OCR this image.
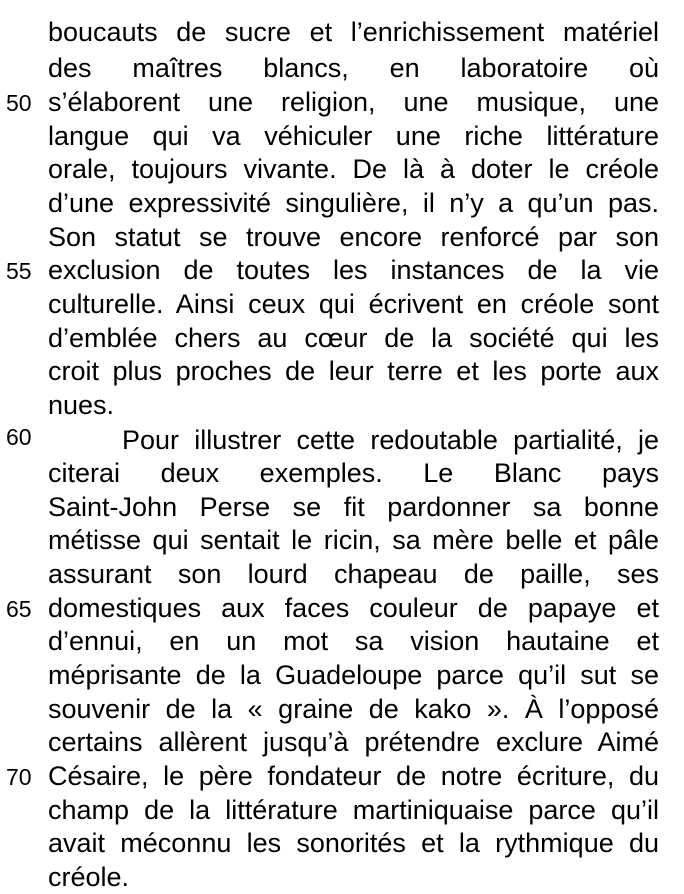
boucauts de sucre et l’enrichissement matériel
des maîtres blancs, en laboratoire où
s’élaborent une religion, une musique, une
langue qui va véhiculer une riche littérature
orale, toujours vivante. De là à doter le créole
d’une expressivité singulière, il n’y a qu’un pas.
Son statut se trouve encore renforcé par son
exclusion de toutes les instances de la vie
culturelle. Ainsi ceux qui écrivent en créole sont
d’emblée chers au cœur de la société qui les
croit plus proches de leur terre et les porte aux
nues.
Pour illustrer cette redoutable partialité, je
citerai deux exemples. Le Blanc pays
Saint-John Perse se fit pardonner sa bonne
métisse qui sentait le ricin, sa mère belle et pâle
assurant son lourd chapeau de paille, ses
domestiques aux faces couleur de papaye et
d’ennui, en un mot sa vision hautaine et
méprisante de la Guadeloupe parce qu’il sut se
souvenir de la « graine de kako ». À l’opposé
certains allèrent jusqu’à prétendre exclure Aimé
Césaire, le père fondateur de notre écriture, du
champ de la littérature martiniquaise parce qu’il
avait méconnu les sonorités et la rythmique du
créole.
50
55
60
65
70
